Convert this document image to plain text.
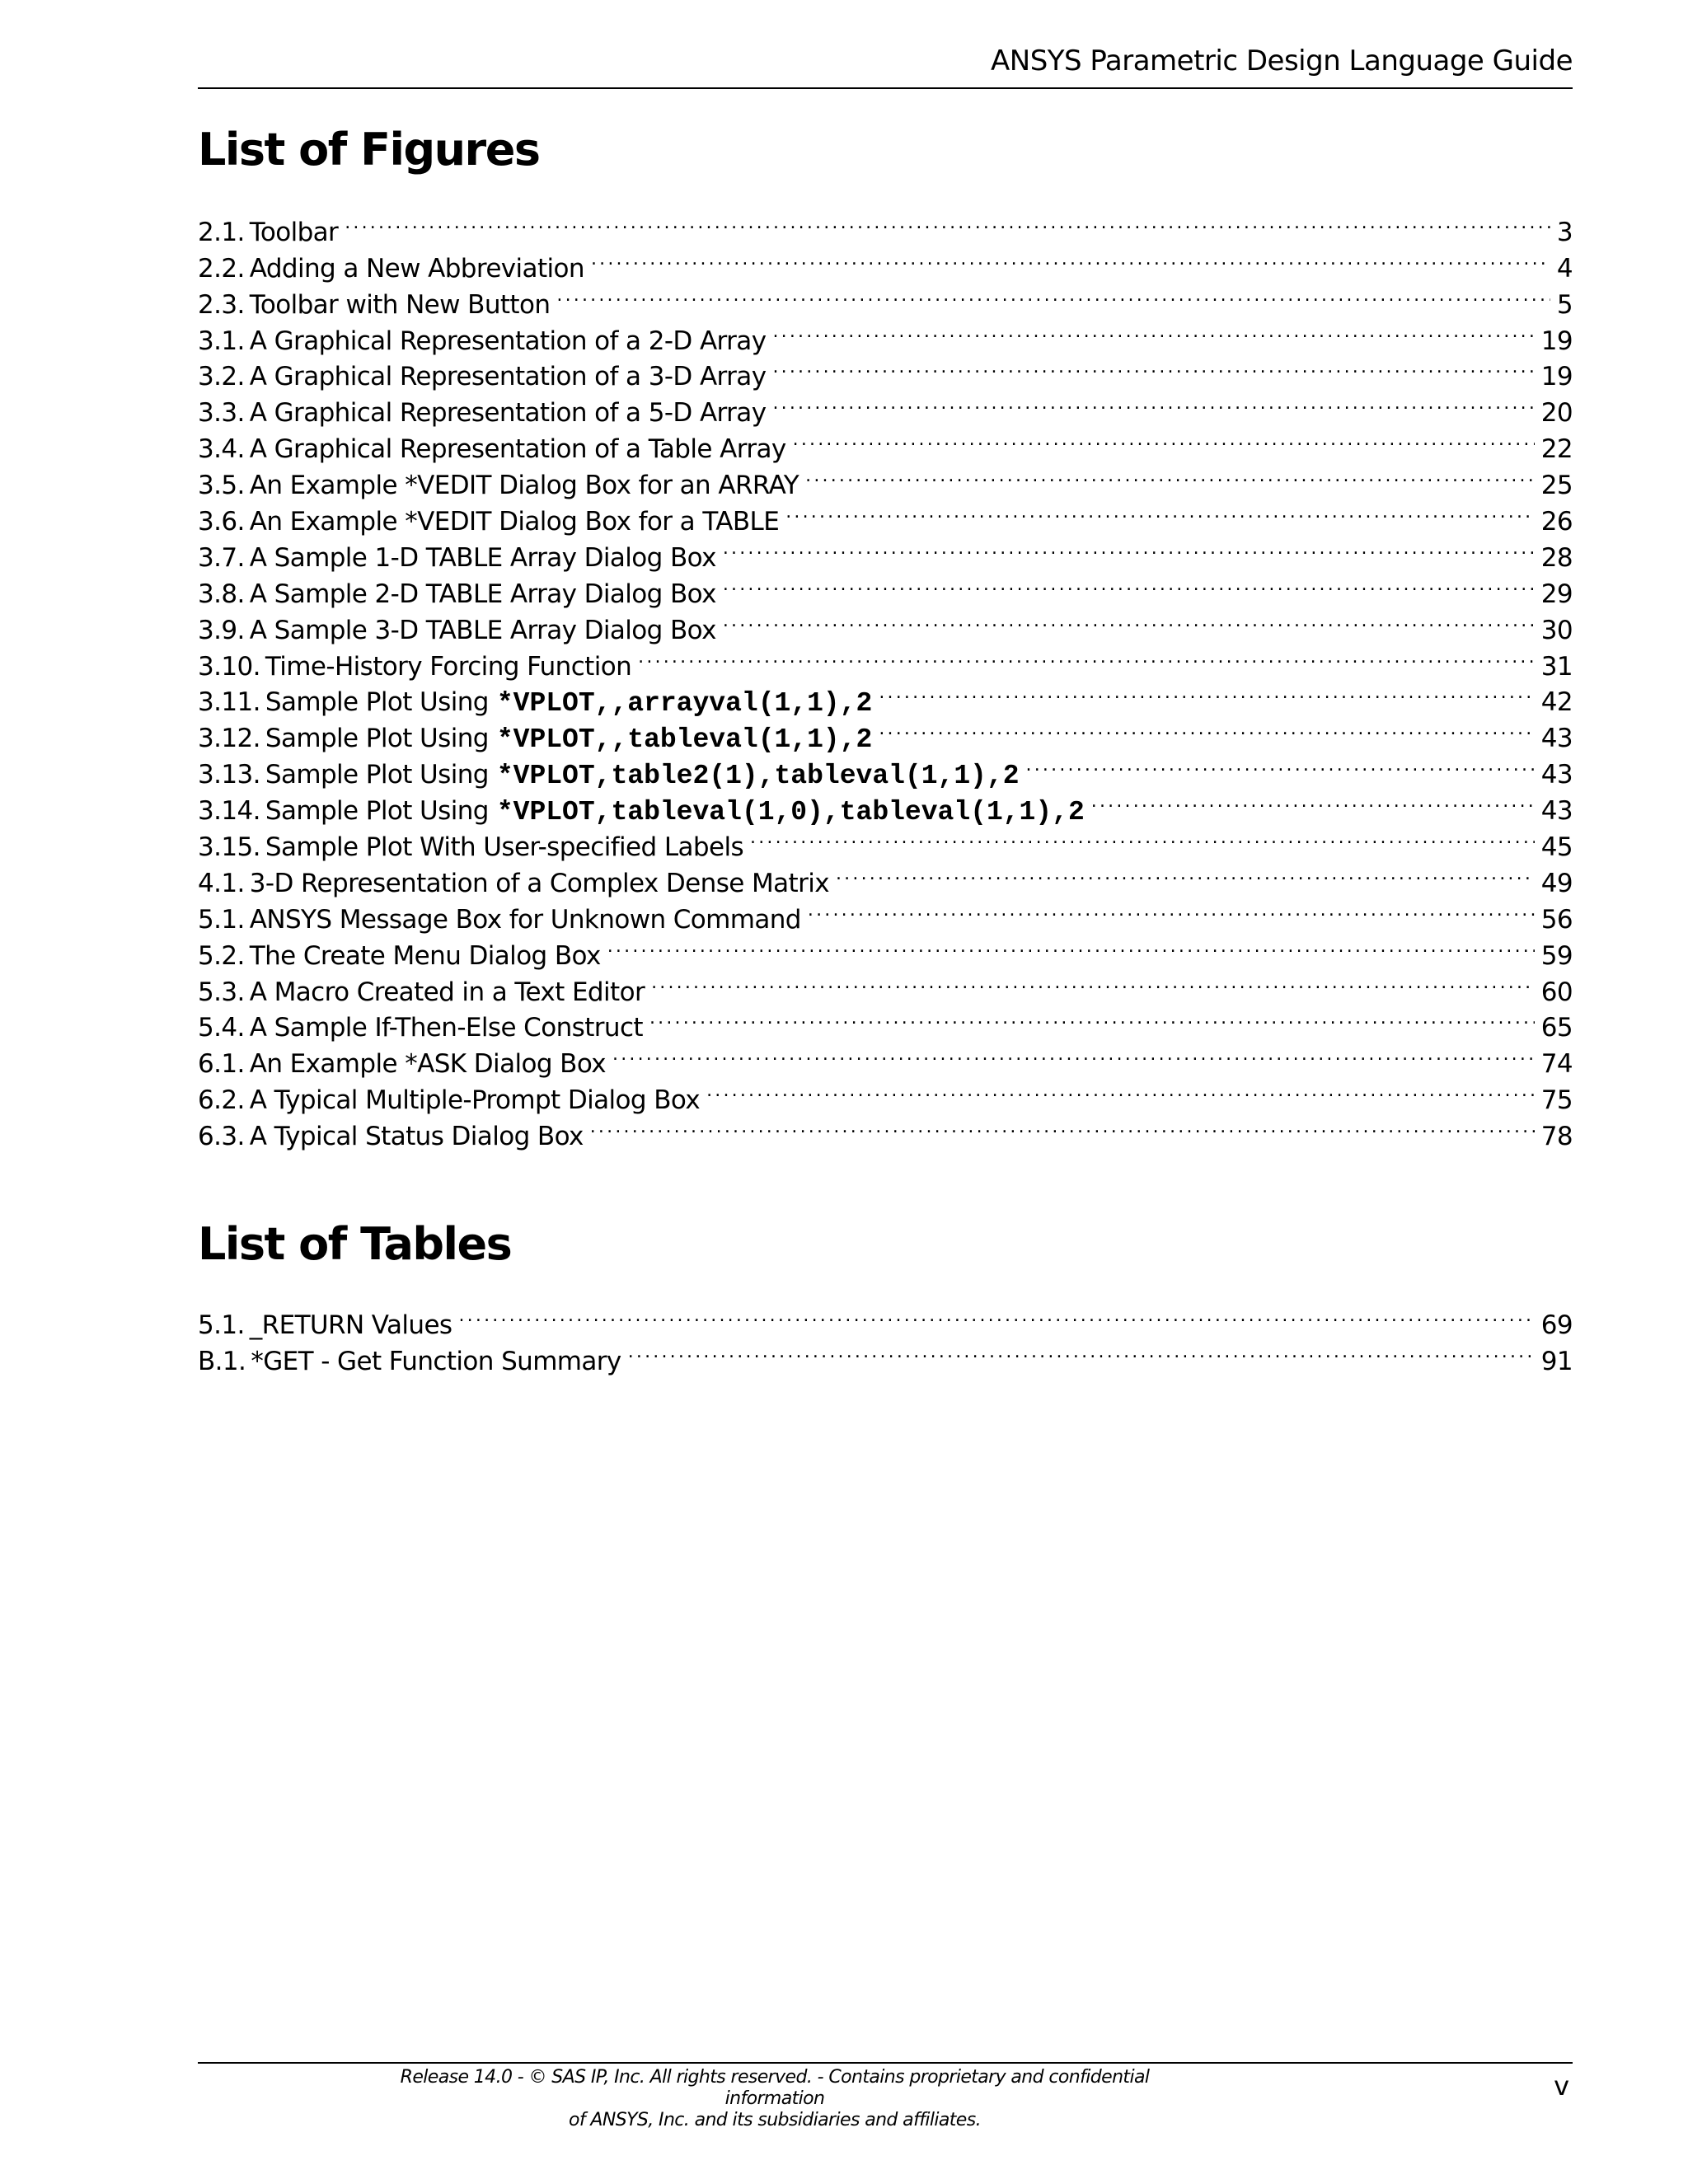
ANSYS Parametric Design Language Guide
List of Figures
2.1. Toolbar .....	3
2.2. Adding a New Abbreviation .....	4
2.3. Toolbar with New Button .....	5
3.1. A Graphical Representation of a 2-D Array .....	19
3.2. A Graphical Representation of a 3-D Array .....	19
3.3. A Graphical Representation of a 5-D Array .....	20
3.4. A Graphical Representation of a Table Array .....	22
3.5. An Example *VEDIT Dialog Box for an ARRAY .....	25
3.6. An Example *VEDIT Dialog Box for a TABLE .....	26
3.7. A Sample 1-D TABLE Array Dialog Box .....	28
3.8. A Sample 2-D TABLE Array Dialog Box .....	29
3.9. A Sample 3-D TABLE Array Dialog Box .....	30
3.10. Time-History Forcing Function .....	31
3.11. Sample Plot Using *VPLOT,,arrayval(1,1),2 .....	42
3.12. Sample Plot Using *VPLOT,,tableval(1,1),2 .....	43
3.13. Sample Plot Using *VPLOT,table2(1),tableval(1,1),2 .....	43
3.14. Sample Plot Using *VPLOT,tableval(1,0),tableval(1,1),2 .....	43
3.15. Sample Plot With User-specified Labels .....	45
4.1. 3-D Representation of a Complex Dense Matrix .....	49
5.1. ANSYS Message Box for Unknown Command .....	56
5.2. The Create Menu Dialog Box .....	59
5.3. A Macro Created in a Text Editor .....	60
5.4. A Sample If-Then-Else Construct .....	65
6.1. An Example *ASK Dialog Box .....	74
6.2. A Typical Multiple-Prompt Dialog Box .....	75
6.3. A Typical Status Dialog Box .....	78
List of Tables
5.1. _RETURN Values .....	69
B.1. *GET - Get Function Summary .....	91
Release 14.0 - © SAS IP, Inc. All rights reserved. - Contains proprietary and confidential information
of ANSYS, Inc. and its subsidiaries and affiliates.
v
